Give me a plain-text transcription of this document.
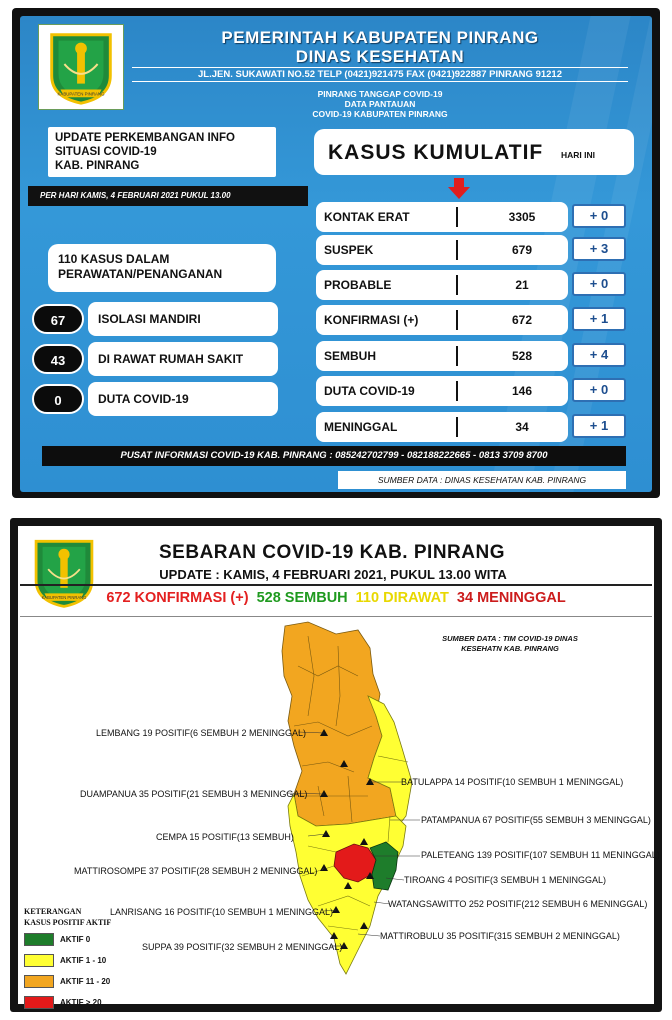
KABUPATEN PINRANG
PEMERINTAH KABUPATEN PINRANG
DINAS KESEHATAN
JL.JEN. SUKAWATI NO.52 TELP (0421)921475 FAX (0421)922887 PINRANG 91212
PINRANG TANGGAP COVID-19
DATA PANTAUAN
COVID-19 KABUPATEN PINRANG
UPDATE PERKEMBANGAN INFO
SITUASI COVID-19
KAB. PINRANG
PER HARI KAMIS, 4 FEBRUARI 2021 PUKUL 13.00
KASUS KUMULATIF HARI INI
110 KASUS DALAM
PERAWATAN/PENANGANAN
67	ISOLASI MANDIRI
43	DI RAWAT RUMAH SAKIT
0	DUTA COVID-19
KONTAK ERAT	3305	+ 0
SUSPEK	679	+ 3
PROBABLE	21	+ 0
KONFIRMASI (+)	672	+ 1
SEMBUH	528	+ 4
DUTA COVID-19	146	+ 0
MENINGGAL	34	+ 1
PUSAT INFORMASI COVID-19 KAB. PINRANG : 085242702799 - 082188222665 - 0813 3709 8700
SUMBER DATA : DINAS KESEHATAN KAB. PINRANG
KABUPATEN PINRANG
SEBARAN COVID-19 KAB. PINRANG
UPDATE : KAMIS, 4 FEBRUARI 2021, PUKUL 13.00 WITA
672 KONFIRMASI (+) 528 SEMBUH 110 DIRAWAT 34 MENINGGAL
SUMBER DATA : TIM COVID-19 DINAS
KESEHATN KAB. PINRANG
LEMBANG 19 POSITIF(6 SEMBUH 2 MENINGGAL)
DUAMPANUA 35 POSITIF(21 SEMBUH 3 MENINGGAL)
CEMPA 15 POSITIF(13 SEMBUH)
MATTIROSOMPE 37 POSITIF(28 SEMBUH 2 MENINGGAL)
LANRISANG 16 POSITIF(10 SEMBUH 1 MENINGGAL)
SUPPA 39 POSITIF(32 SEMBUH 2 MENINGGAL)
BATULAPPA 14 POSITIF(10 SEMBUH 1 MENINGGAL)
PATAMPANUA 67 POSITIF(55 SEMBUH 3 MENINGGAL)
PALETEANG 139 POSITIF(107 SEMBUH 11 MENINGGAL)
TIROANG 4 POSITIF(3 SEMBUH 1 MENINGGAL)
WATANGSAWITTO 252 POSITIF(212 SEMBUH 6 MENINGGAL)
MATTIROBULU 35 POSITIF(315 SEMBUH 2 MENINGGAL)
KETERANGAN
KASUS POSITIF AKTIF
AKTIF 0
AKTIF 1 - 10
AKTIF 11 - 20
AKTIF > 20
